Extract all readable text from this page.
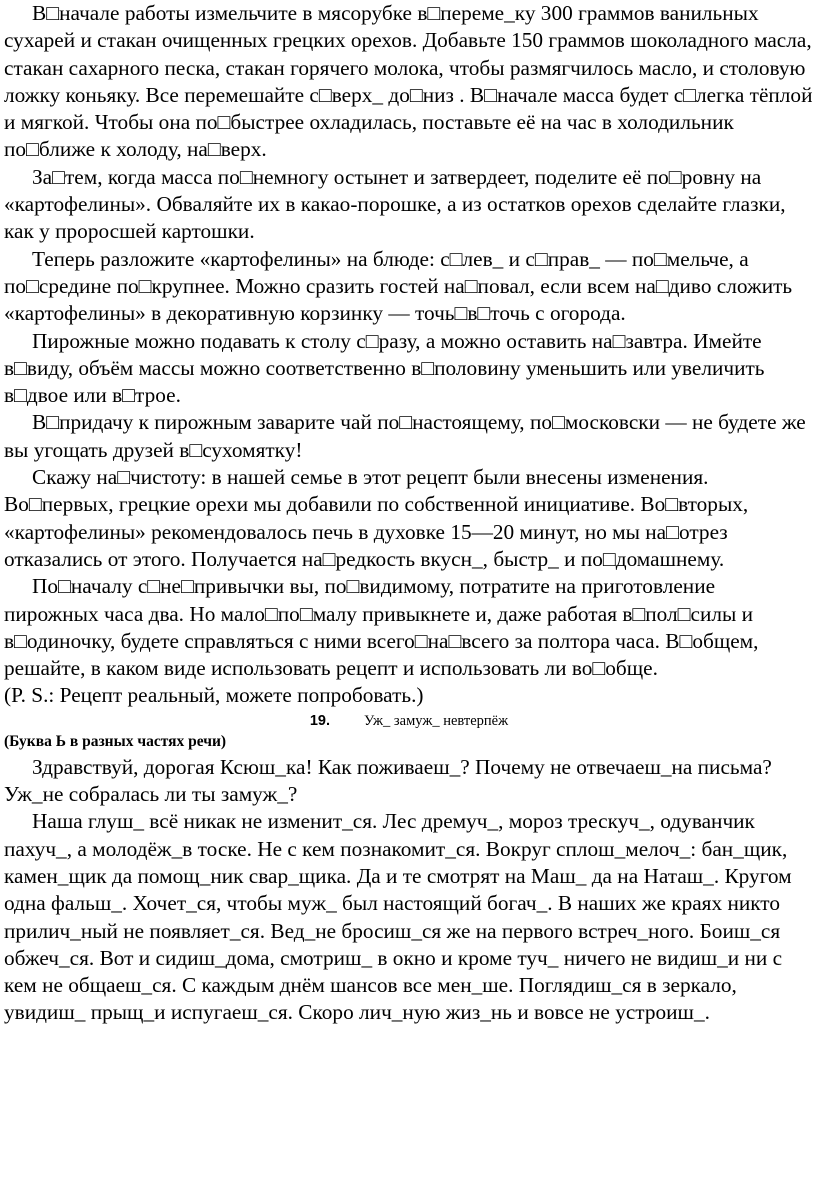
В□начале работы измельчите в мясорубке в□переме_ку 300 граммов ванильных сухарей и стакан очищенных грецких орехов. Добавьте 150 граммов шоколадного масла, стакан сахарного песка, стакан горячего молока, чтобы размягчилось масло, и столовую ложку коньяку. Все перемешайте с□верх_ до□низ . В□начале масса будет с□легка тёплой и мягкой. Чтобы она по□быстрее охладилась, поставьте её на час в холодильник по□ближе к холоду, на□верх.

За□тем, когда масса по□немногу остынет и затвердеет, поделите её по□ровну на «картофелины». Обваляйте их в какао-порошке, а из остатков орехов сделайте глазки, как у проросшей картошки.

Теперь разложите «картофелины» на блюде: с□лев_ и с□прав_ — по□мельче, а по□средине по□крупнее. Можно сразить гостей на□повал, если всем на□диво сложить «картофелины» в декоративную корзинку — точь□в□точь с огорода.

Пирожные можно подавать к столу с□разу, а можно оставить на□завтра. Имейте в□виду, объём массы можно соответственно в□половину уменьшить или увеличить в□двое или в□трое.

В□придачу к пирожным заварите чай по□настоящему, по□московски — не будете же вы угощать друзей в□сухомятку!

Скажу на□чистоту: в нашей семье в этот рецепт были внесены изменения. Во□первых, грецкие орехи мы добавили по собственной инициативе. Во□вторых, «картофелины» рекомендовалось печь в духовке 15—20 минут, но мы на□отрез отказались от этого. Получается на□редкость вкусн_, быстр_ и по□домашнему.

По□началу с□не□привычки вы, по□видимому, потратите на приготовление пирожных часа два. Но мало□по□малу привыкнете и, даже работая в□пол□силы и в□одиночку, будете справляться с ними всего□на□всего за полтора часа. В□общем, решайте, в каком виде использовать рецепт и использовать ли во□обще.

(P. S.: Рецепт реальный, можете попробовать.)

19. Уж_ замуж_ невтерпёж

(Буква Ь в разных частях речи)

Здравствуй, дорогая Ксюш_ка! Как поживаеш_? Почему не отвечаеш_на письма? Уж_не собралась ли ты замуж_?

Наша глуш_ всё никак не изменит_ся. Лес дремуч_, мороз трескуч_, одуванчик пахуч_, а молодёж_в тоске. Не с кем познакомит_ся. Вокруг сплош_мелоч_: бан_щик, камен_щик да помощ_ник свар_щика. Да и те смотрят на Маш_ да на Наташ_. Кругом одна фальш_. Хочет_ся, чтобы муж_ был настоящий богач_. В наших же краях никто прилич_ный не появляет_ся. Вед_не бросиш_ся же на первого встреч_ного. Боиш_ся обжеч_ся. Вот и сидиш_дома, смотриш_ в окно и кроме туч_ ничего не видиш_и ни с кем не общаеш_ся. С каждым днём шансов все мен_ше. Поглядиш_ся в зеркало, увидиш_ прыщ_и испугаеш_ся. Скоро лич_ную жиз_нь и вовсе не устроиш_.
